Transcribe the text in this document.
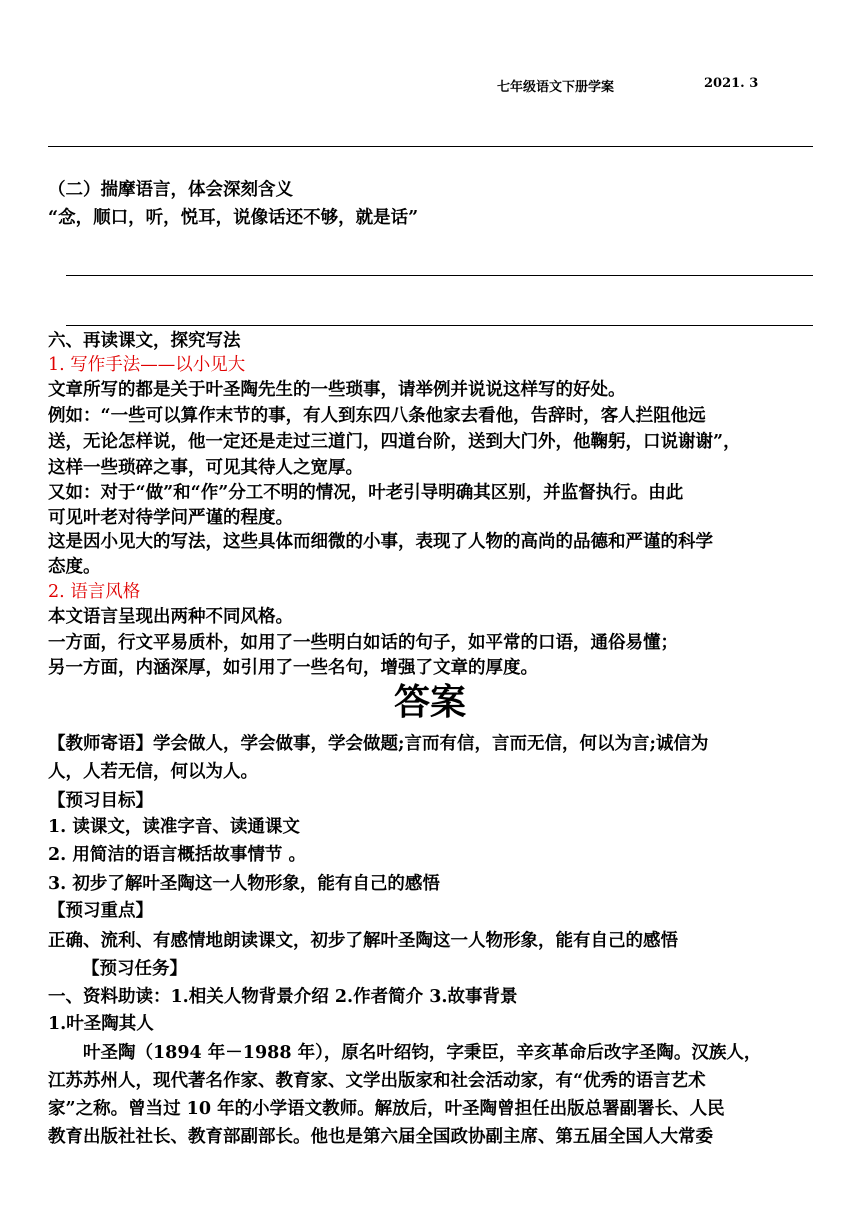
七年级语文下册学案	2021. 3
（二）揣摩语言，体会深刻含义
“念，顺口，听，悦耳，说像话还不够，就是话”
六、再读课文，探究写法
1. 写作手法——以小见大
文章所写的都是关于叶圣陶先生的一些琐事，请举例并说说这样写的好处。
例如：“一些可以算作末节的事，有人到东四八条他家去看他，告辞时，客人拦阻他远
送，无论怎样说，他一定还是走过三道门，四道台阶，送到大门外，他鞠躬，口说谢谢”，
这样一些琐碎之事，可见其待人之宽厚。
又如：对于“做”和“作”分工不明的情况，叶老引导明确其区别，并监督执行。由此
可见叶老对待学问严谨的程度。
这是因小见大的写法，这些具体而细微的小事，表现了人物的高尚的品德和严谨的科学
态度。
2. 语言风格
本文语言呈现出两种不同风格。
一方面，行文平易质朴，如用了一些明白如话的句子，如平常的口语，通俗易懂；
另一方面，内涵深厚，如引用了一些名句，增强了文章的厚度。
答案
【教师寄语】学会做人，学会做事，学会做题;言而有信，言而无信，何以为言;诚信为
人，人若无信，何以为人。
【预习目标】
1. 读课文，读准字音、读通课文
2. 用简洁的语言概括故事情节 。
3. 初步了解叶圣陶这一人物形象，能有自己的感悟
【预习重点】
正确、流利、有感情地朗读课文，初步了解叶圣陶这一人物形象，能有自己的感悟
【预习任务】
一、资料助读：1.相关人物背景介绍 2.作者简介 3.故事背景
1.叶圣陶其人
　　叶圣陶（1894 年－1988 年），原名叶绍钧，字秉臣，辛亥革命后改字圣陶。汉族人，
江苏苏州人，现代著名作家、教育家、文学出版家和社会活动家，有“优秀的语言艺术
家”之称。曾当过 10 年的小学语文教师。解放后，叶圣陶曾担任出版总署副署长、人民
教育出版社社长、教育部副部长。他也是第六届全国政协副主席、第五届全国人大常委
